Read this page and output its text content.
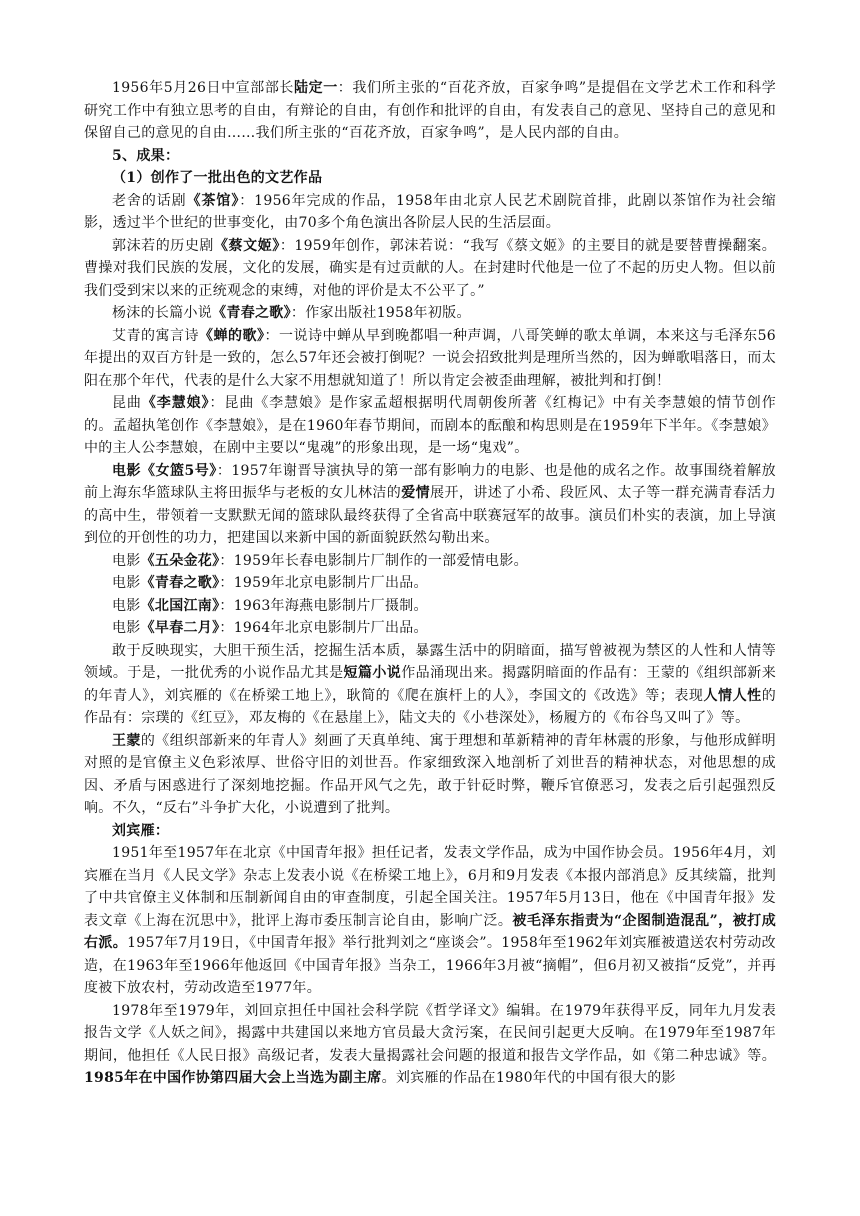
1956年5月26日中宣部部长陆定一：我们所主张的“百花齐放，百家争鸣”是提倡在文学艺术工作和科学研究工作中有独立思考的自由，有辩论的自由，有创作和批评的自由，有发表自己的意见、坚持自己的意见和保留自己的意见的自由……我们所主张的“百花齐放，百家争鸣”，是人民内部的自由。

5、成果：

（1）创作了一批出色的文艺作品

老舍的话剧《茶馆》：1956年完成的作品，1958年由北京人民艺术剧院首排，此剧以茶馆作为社会缩影，透过半个世纪的世事变化，由70多个角色演出各阶层人民的生活层面。

郭沫若的历史剧《蔡文姬》：1959年创作，郭沫若说：“我写《蔡文姬》的主要目的就是要替曹操翻案。曹操对我们民族的发展，文化的发展，确实是有过贡献的人。在封建时代他是一位了不起的历史人物。但以前我们受到宋以来的正统观念的束缚，对他的评价是太不公平了。”

杨沫的长篇小说《青春之歌》：作家出版社1958年初版。

艾青的寓言诗《蝉的歌》：一说诗中蝉从早到晚都唱一种声调，八哥笑蝉的歌太单调，本来这与毛泽东56年提出的双百方针是一致的，怎么57年还会被打倒呢？一说会招致批判是理所当然的，因为蝉歌唱落日，而太阳在那个年代，代表的是什么大家不用想就知道了！所以肯定会被歪曲理解，被批判和打倒！

昆曲《李慧娘》：昆曲《李慧娘》是作家孟超根据明代周朝俊所著《红梅记》中有关李慧娘的情节创作的。孟超执笔创作《李慧娘》，是在1960年春节期间，而剧本的酝酿和构思则是在1959年下半年。《李慧娘》中的主人公李慧娘，在剧中主要以“鬼魂”的形象出现，是一场“鬼戏”。

电影《女篮5号》：1957年谢晋导演执导的第一部有影响力的电影、也是他的成名之作。故事围绕着解放前上海东华篮球队主将田振华与老板的女儿林洁的爱情展开，讲述了小希、段匠风、太子等一群充满青春活力的高中生，带领着一支默默无闻的篮球队最终获得了全省高中联赛冠军的故事。演员们朴实的表演，加上导演到位的开创性的功力，把建国以来新中国的新面貌跃然勾勒出来。

电影《五朵金花》：1959年长春电影制片厂制作的一部爱情电影。

电影《青春之歌》：1959年北京电影制片厂出品。

电影《北国江南》：1963年海燕电影制片厂摄制。

电影《早春二月》：1964年北京电影制片厂出品。

敢于反映现实，大胆干预生活，挖掘生活本质，暴露生活中的阴暗面，描写曾被视为禁区的人性和人情等领域。于是，一批优秀的小说作品尤其是短篇小说作品涌现出来。揭露阴暗面的作品有：王蒙的《组织部新来的年青人》，刘宾雁的《在桥梁工地上》，耿简的《爬在旗杆上的人》，李国文的《改选》等；表现人情人性的作品有：宗璞的《红豆》，邓友梅的《在悬崖上》，陆文夫的《小巷深处》，杨履方的《布谷鸟又叫了》等。

王蒙的《组织部新来的年青人》刻画了天真单纯、寓于理想和革新精神的青年林震的形象，与他形成鲜明对照的是官僚主义色彩浓厚、世俗守旧的刘世吾。作家细致深入地剖析了刘世吾的精神状态，对他思想的成因、矛盾与困惑进行了深刻地挖掘。作品开风气之先，敢于针砭时弊，鞭斥官僚恶习，发表之后引起强烈反响。不久，“反右”斗争扩大化，小说遭到了批判。

刘宾雁：

1951年至1957年在北京《中国青年报》担任记者，发表文学作品，成为中国作协会员。1956年4月，刘宾雁在当月《人民文学》杂志上发表小说《在桥梁工地上》，6月和9月发表《本报内部消息》反其续篇，批判了中共官僚主义体制和压制新闻自由的审查制度，引起全国关注。1957年5月13日，他在《中国青年报》发表文章《上海在沉思中》，批评上海市委压制言论自由，影响广泛。被毛泽东指责为“企图制造混乱”，被打成右派。1957年7月19日，《中国青年报》举行批判刘之“座谈会”。1958年至1962年刘宾雁被遣送农村劳动改造，在1963年至1966年他返回《中国青年报》当杂工，1966年3月被“摘帽”，但6月初又被指“反党”，并再度被下放农村，劳动改造至1977年。

1978年至1979年，刘回京担任中国社会科学院《哲学译文》编辑。在1979年获得平反，同年九月发表报告文学《人妖之间》，揭露中共建国以来地方官员最大贪污案，在民间引起更大反响。在1979年至1987年期间，他担任《人民日报》高级记者，发表大量揭露社会问题的报道和报告文学作品，如《第二种忠诚》等。1985年在中国作协第四届大会上当选为副主席。刘宾雁的作品在1980年代的中国有很大的影
